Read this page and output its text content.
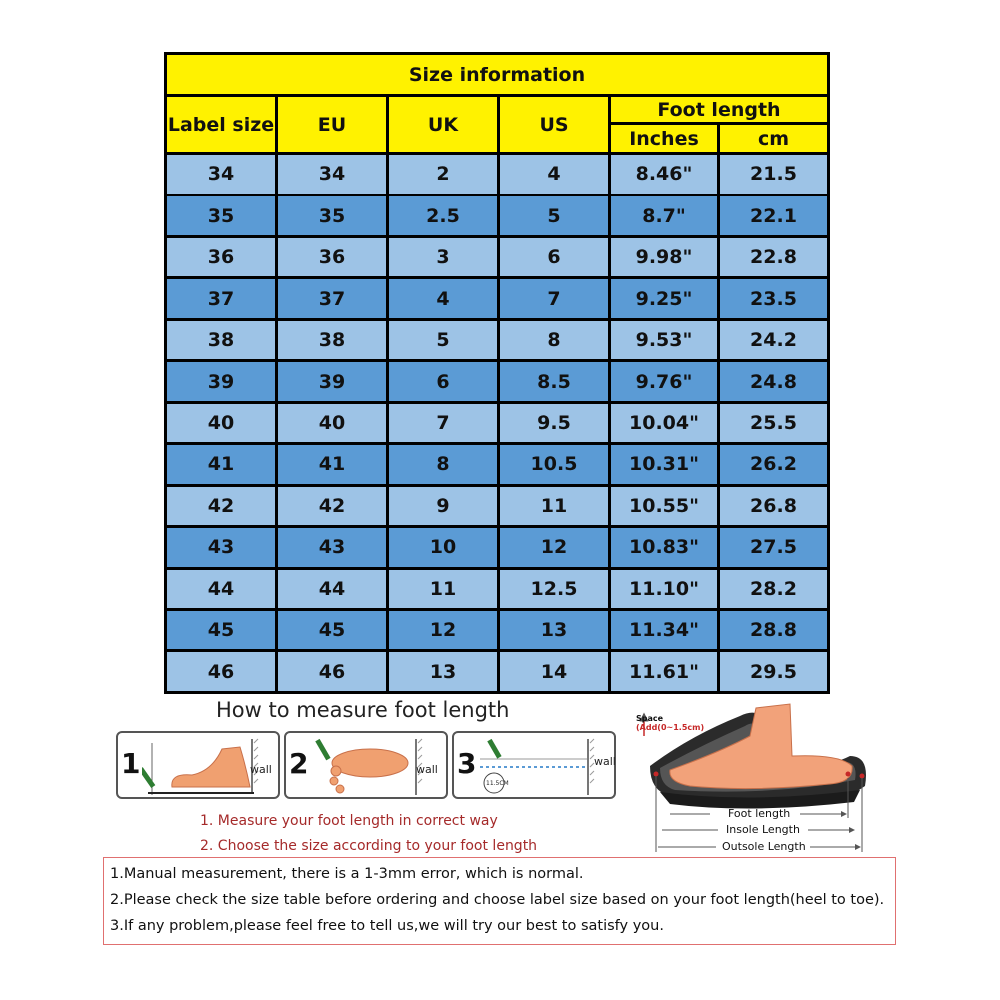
Size information
Label size	EU	UK	US
Foot length
Inches	cm
34	34	2	4	8.46"	21.5
35	35	2.5	5	8.7"	22.1
36	36	3	6	9.98"	22.8
37	37	4	7	9.25"	23.5
38	38	5	8	9.53"	24.2
39	39	6	8.5	9.76"	24.8
40	40	7	9.5	10.04"	25.5
41	41	8	10.5	10.31"	26.2
42	42	9	11	10.55"	26.8
43	43	10	12	10.83"	27.5
44	44	11	12.5	11.10"	28.2
45	45	12	13	11.34"	28.8
46	46	13	14	11.61"	29.5
How to measure foot length
1	wall 2	wall 3
11.5CM
wall
1. Measure your foot length in correct way
2. Choose the size according to your foot length
Space
(Add(0~1.5cm)
Foot length
Insole Length
Outsole Length
1.Manual measurement, there is a 1-3mm error, which is normal.
2.Please check the size table before ordering and choose label size based on your foot length(heel to toe).
3.If any problem,please feel free to tell us,we will try our best to satisfy you.
